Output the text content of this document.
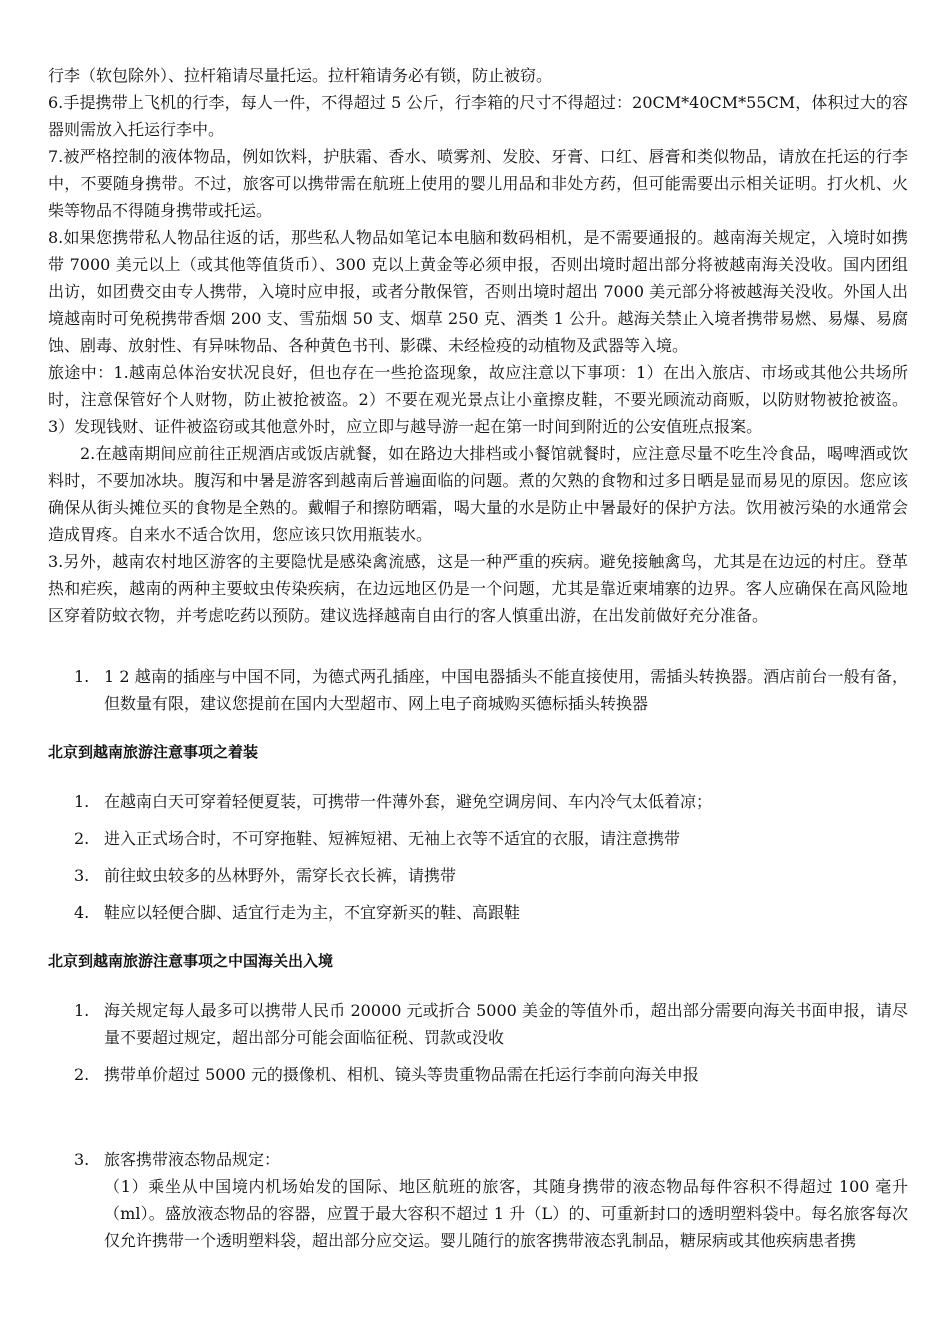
行李（软包除外）、拉杆箱请尽量托运。拉杆箱请务必有锁，防止被窃。

6.手提携带上飞机的行李，每人一件，不得超过 5 公斤，行李箱的尺寸不得超过：20CM*40CM*55CM，体积过大的容器则需放入托运行李中。

7.被严格控制的液体物品，例如饮料，护肤霜、香水、喷雾剂、发胶、牙膏、口红、唇膏和类似物品，请放在托运的行李中，不要随身携带。不过，旅客可以携带需在航班上使用的婴儿用品和非处方药，但可能需要出示相关证明。打火机、火柴等物品不得随身携带或托运。

8.如果您携带私人物品往返的话，那些私人物品如笔记本电脑和数码相机，是不需要通报的。越南海关规定，入境时如携带 7000 美元以上（或其他等值货币）、300 克以上黄金等必须申报，否则出境时超出部分将被越南海关没收。国内团组出访，如团费交由专人携带，入境时应申报，或者分散保管，否则出境时超出 7000 美元部分将被越海关没收。外国人出境越南时可免税携带香烟 200 支、雪茄烟 50 支、烟草 250 克、酒类 1 公升。越海关禁止入境者携带易燃、易爆、易腐蚀、剧毒、放射性、有异味物品、各种黄色书刊、影碟、未经检疫的动植物及武器等入境。

旅途中：1.越南总体治安状况良好，但也存在一些抢盗现象，故应注意以下事项：1）在出入旅店、市场或其他公共场所时，注意保管好个人财物，防止被抢被盗。2）不要在观光景点让小童擦皮鞋，不要光顾流动商贩，以防财物被抢被盗。3）发现钱财、证件被盗窃或其他意外时，应立即与越导游一起在第一时间到附近的公安值班点报案。

2.在越南期间应前往正规酒店或饭店就餐，如在路边大排档或小餐馆就餐时，应注意尽量不吃生冷食品，喝啤酒或饮料时，不要加冰块。腹泻和中暑是游客到越南后普遍面临的问题。煮的欠熟的食物和过多日晒是显而易见的原因。您应该确保从街头摊位买的食物是全熟的。戴帽子和擦防晒霜，喝大量的水是防止中暑最好的保护方法。饮用被污染的水通常会造成胃疼。自来水不适合饮用，您应该只饮用瓶装水。

3.另外，越南农村地区游客的主要隐忧是感染禽流感，这是一种严重的疾病。避免接触禽鸟，尤其是在边远的村庄。登革热和疟疾，越南的两种主要蚊虫传染疾病，在边远地区仍是一个问题，尤其是靠近柬埔寨的边界。客人应确保在高风险地区穿着防蚊衣物，并考虑吃药以预防。建议选择越南自由行的客人慎重出游，在出发前做好充分准备。

1. 1 2 越南的插座与中国不同，为德式两孔插座，中国电器插头不能直接使用，需插头转换器。酒店前台一般有备，但数量有限，建议您提前在国内大型超市、网上电子商城购买德标插头转换器
北京到越南旅游注意事项之着装
1. 在越南白天可穿着轻便夏装，可携带一件薄外套，避免空调房间、车内冷气太低着凉；
2. 进入正式场合时，不可穿拖鞋、短裤短裙、无袖上衣等不适宜的衣服，请注意携带
3. 前往蚊虫较多的丛林野外，需穿长衣长裤，请携带
4. 鞋应以轻便合脚、适宜行走为主，不宜穿新买的鞋、高跟鞋
北京到越南旅游注意事项之中国海关出入境
1. 海关规定每人最多可以携带人民币 20000 元或折合 5000 美金的等值外币，超出部分需要向海关书面申报，请尽量不要超过规定，超出部分可能会面临征税、罚款或没收
2. 携带单价超过 5000 元的摄像机、相机、镜头等贵重物品需在托运行李前向海关申报
3. 旅客携带液态物品规定：
（1）乘坐从中国境内机场始发的国际、地区航班的旅客，其随身携带的液态物品每件容积不得超过 100 毫升（ml）。盛放液态物品的容器，应置于最大容积不超过 1 升（L）的、可重新封口的透明塑料袋中。每名旅客每次仅允许携带一个透明塑料袋，超出部分应交运。婴儿随行的旅客携带液态乳制品，糖尿病或其他疾病患者携
